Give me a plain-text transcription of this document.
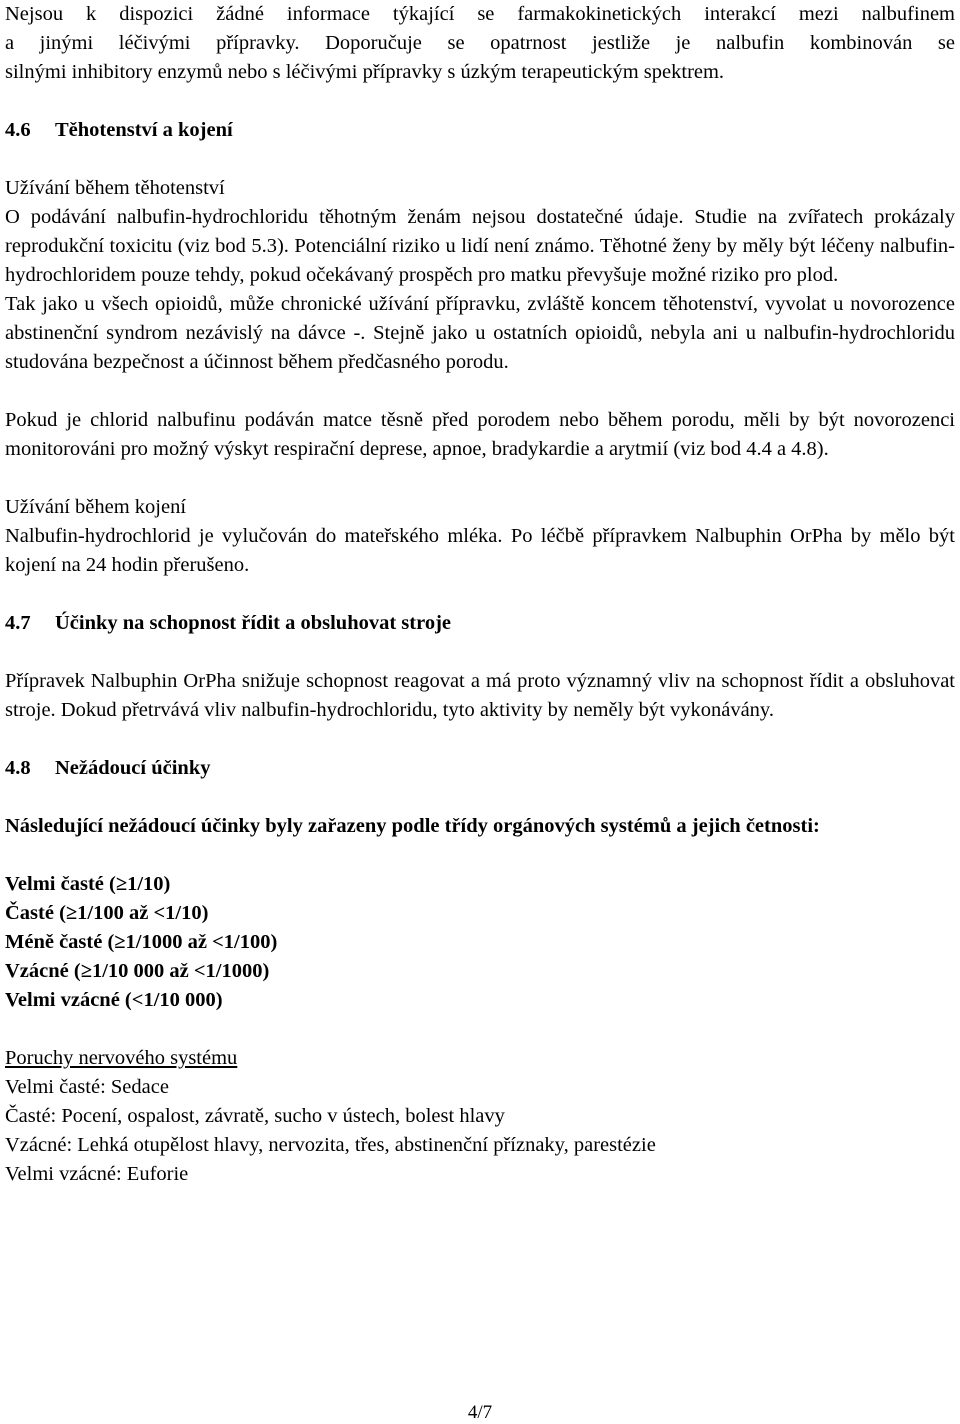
Nejsou k dispozici žádné informace týkající se farmakokinetických interakcí mezi nalbufinem

a jinými léčivými přípravky. Doporučuje se opatrnost jestliže je nalbufin kombinován se

silnými inhibitory enzymů nebo s léčivými přípravky s úzkým terapeutickým spektrem.

4.6 Těhotenství a kojení

Užívání během těhotenství

O podávání nalbufin-hydrochloridu těhotným ženám nejsou dostatečné údaje. Studie na zvířatech prokázaly reprodukční toxicitu (viz bod 5.3). Potenciální riziko u lidí není známo. Těhotné ženy by měly být léčeny nalbufin-hydrochloridem pouze tehdy, pokud očekávaný prospěch pro matku převyšuje možné riziko pro plod.

Tak jako u všech opioidů, může chronické užívání přípravku, zvláště koncem těhotenství, vyvolat u novorozence abstinenční syndrom nezávislý na dávce -. Stejně jako u ostatních opioidů, nebyla ani u nalbufin-hydrochloridu studována bezpečnost a účinnost během předčasného porodu.

Pokud je chlorid nalbufinu podáván matce těsně před porodem nebo během porodu, měli by být novorozenci monitorováni pro možný výskyt respirační deprese, apnoe, bradykardie a arytmií (viz bod 4.4 a 4.8).

Užívání během kojení

Nalbufin-hydrochlorid je vylučován do mateřského mléka. Po léčbě přípravkem Nalbuphin OrPha by mělo být kojení na 24 hodin přerušeno.

4.7 Účinky na schopnost řídit a obsluhovat stroje

Přípravek Nalbuphin OrPha snižuje schopnost reagovat a má proto významný vliv na schopnost řídit a obsluhovat stroje. Dokud přetrvává vliv nalbufin-hydrochloridu, tyto aktivity by neměly být vykonávány.

4.8 Nežádoucí účinky

Následující nežádoucí účinky byly zařazeny podle třídy orgánových systémů a jejich četnosti:

Velmi časté (≥1/10)

Časté (≥1/100 až <1/10)

Méně časté (≥1/1000 až <1/100)

Vzácné (≥1/10 000 až <1/1000)

Velmi vzácné (<1/10 000)

Poruchy nervového systému

Velmi časté: Sedace

Časté: Pocení, ospalost, závratě, sucho v ústech, bolest hlavy

Vzácné: Lehká otupělost hlavy, nervozita, třes, abstinenční příznaky, parestézie

Velmi vzácné: Euforie

4/7
